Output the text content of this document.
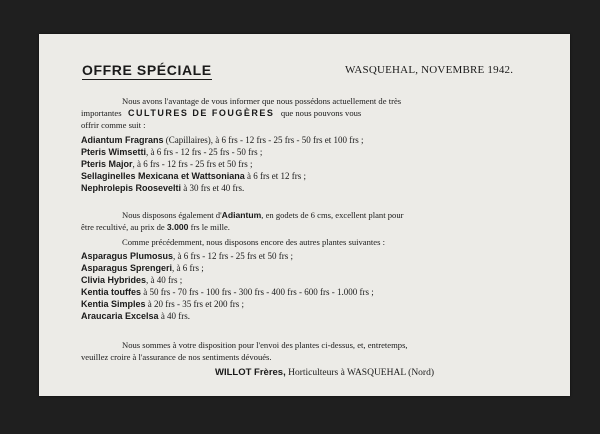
OFFRE SPÉCIALE	WASQUEHAL, NOVEMBRE 1942.
Nous avons l'avantage de vous informer que nous possédons actuellement de très
importantes CULTURES DE FOUGÈRES que nous pouvons vous
offrir comme suit :
Adiantum Fragrans (Capillaires), à 6 frs - 12 frs - 25 frs - 50 frs et 100 frs ;
Pteris Wimsetti, à 6 frs - 12 frs - 25 frs - 50 frs ;
Pteris Major, à 6 frs - 12 frs - 25 frs et 50 frs ;
Sellaginelles Mexicana et Wattsoniana à 6 frs et 12 frs ;
Nephrolepis Roosevelti à 30 frs et 40 frs.
Nous disposons également d'Adiantum, en godets de 6 cms, excellent plant pour
être recultivé, au prix de 3.000 frs le mille.
Comme précédemment, nous disposons encore des autres plantes suivantes :
Asparagus Plumosus, à 6 frs - 12 frs - 25 frs et 50 frs ;
Asparagus Sprengeri, à 6 frs ;
Clivia Hybrides, à 40 frs ;
Kentia touffes à 50 frs - 70 frs - 100 frs - 300 frs - 400 frs - 600 frs - 1.000 frs ;
Kentia Simples à 20 frs - 35 frs et 200 frs ;
Araucaria Excelsa à 40 frs.
Nous sommes à votre disposition pour l'envoi des plantes ci-dessus, et, entretemps,
veuillez croire à l'assurance de nos sentiments dévoués.
WILLOT Frères, Horticulteurs à WASQUEHAL (Nord)
